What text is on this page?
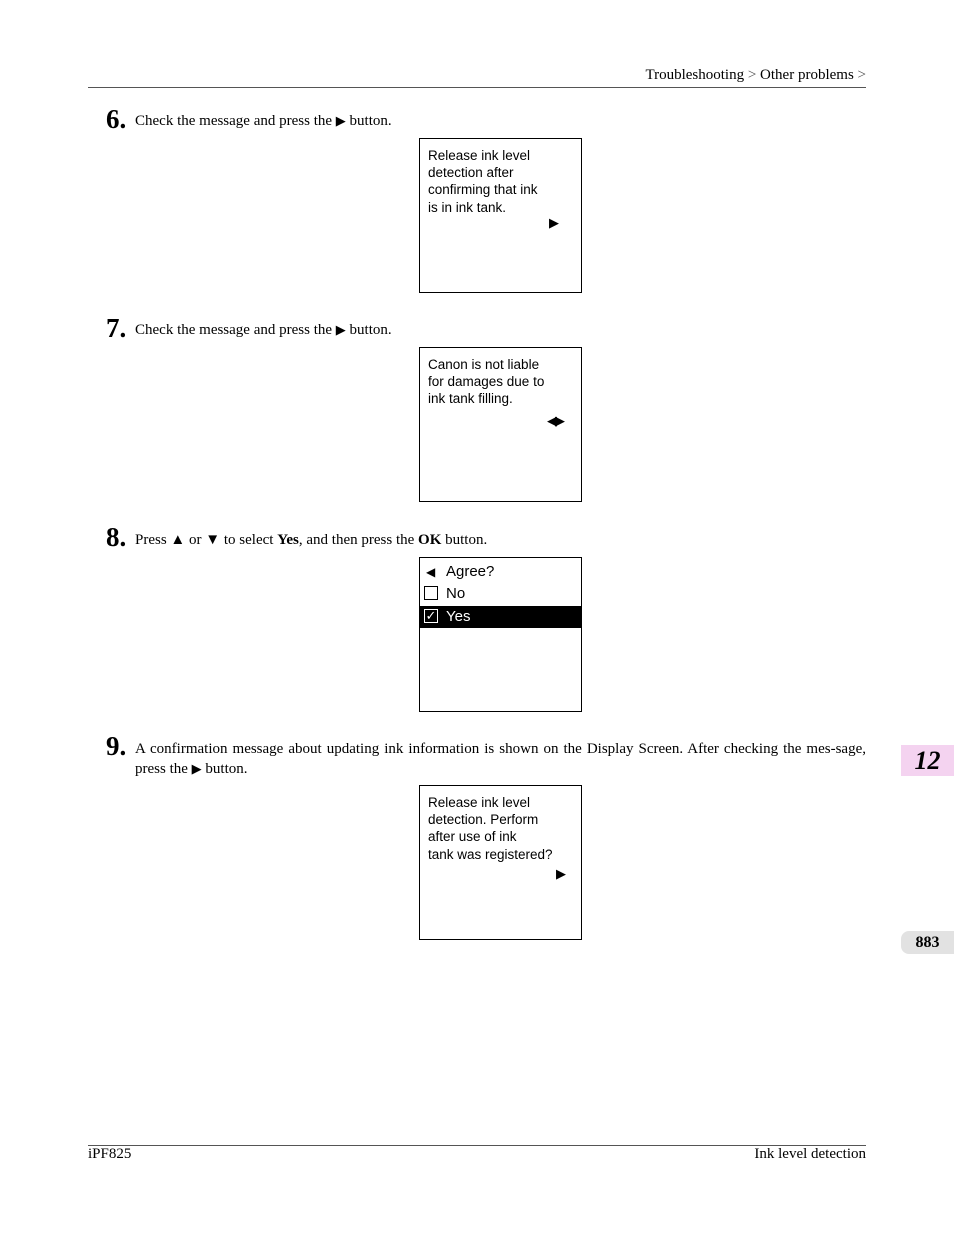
Troubleshooting > Other problems >
6. Check the message and press the ▶ button.
Release ink level
detection after
confirming that ink
is in ink tank.
▶
7. Check the message and press the ▶ button.
Canon is not liable
for damages due to
ink tank filling.
◀▶
8. Press ▲ or ▼ to select Yes, and then press the OK button.
◀ Agree?
No
✓ Yes
9. A confirmation message about updating ink information is shown on the Display Screen. After checking the mes-sage, press the ▶ button.
Release ink level
detection. Perform
after use of ink
tank was registered?
▶
12
883
iPF825	Ink level detection
